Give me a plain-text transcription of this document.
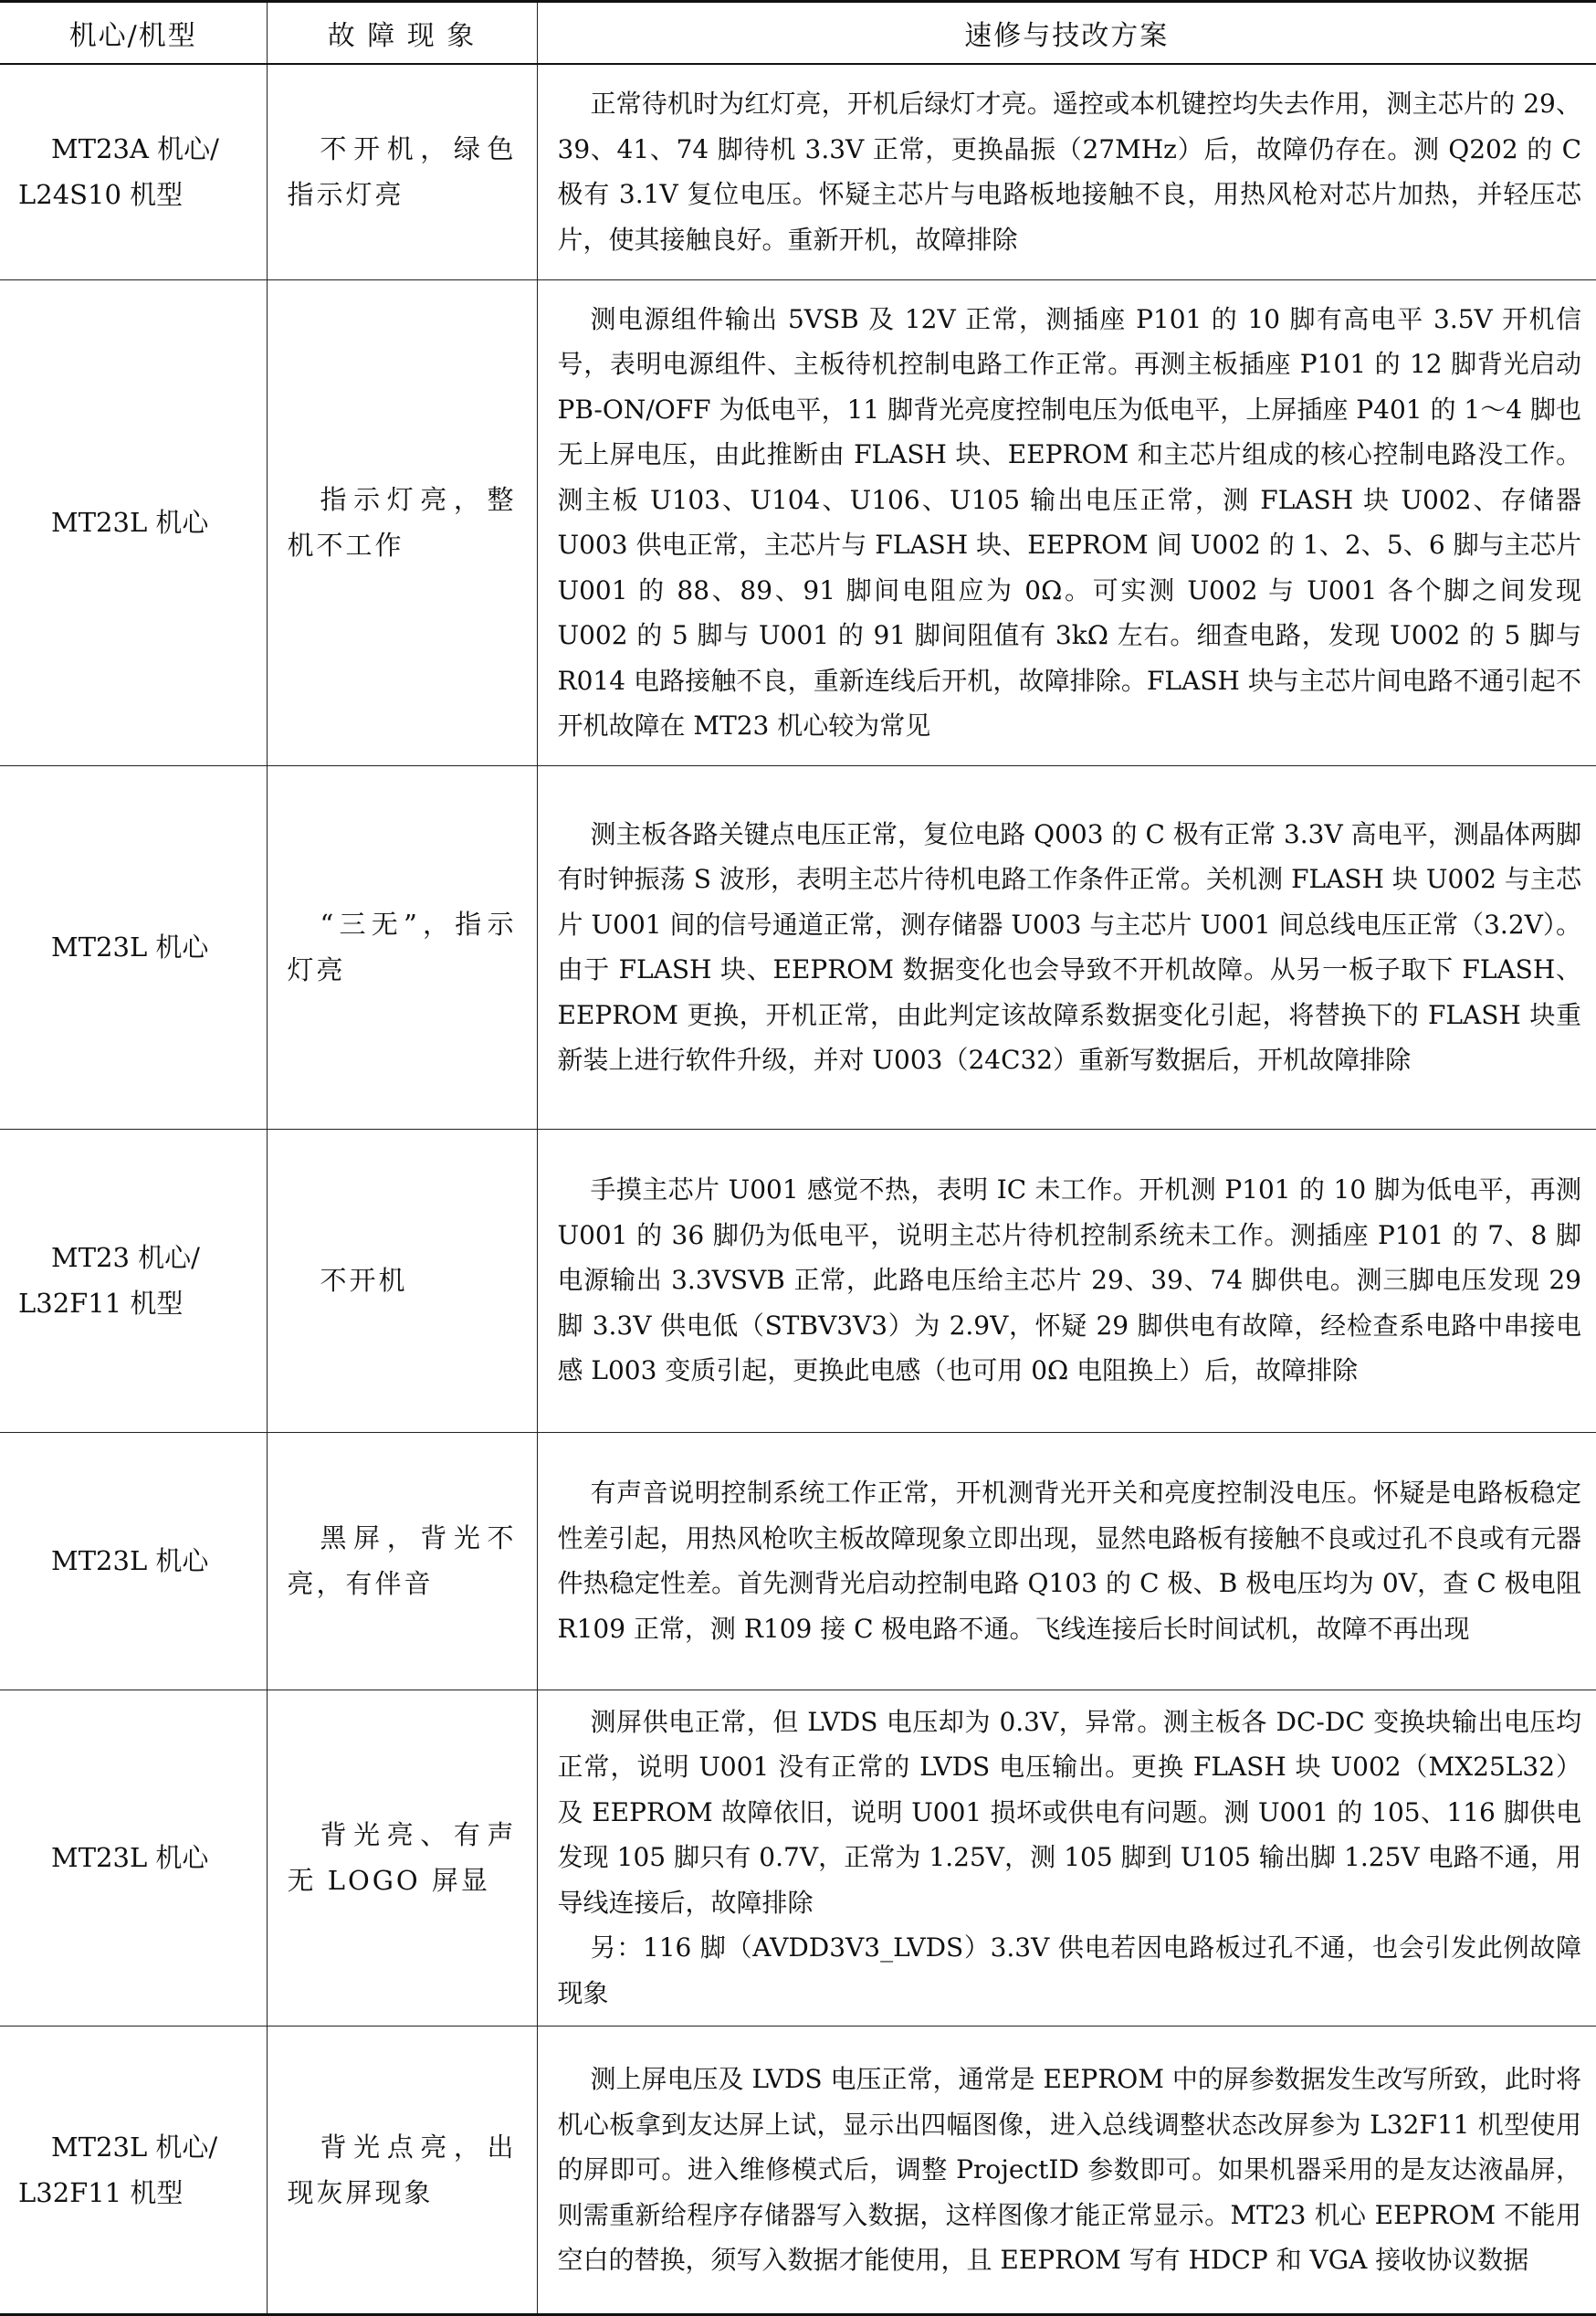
机心/机型	故 障 现 象	速修与技改方案

MT23A 机心/
L24S10 机型	不开机，绿色指示灯亮	正常待机时为红灯亮，开机后绿灯才亮。遥控或本机键控均失去作用，测主芯片的 29、39、41、74 脚待机 3.3V 正常，更换晶振（27MHz）后，故障仍存在。测 Q202 的 C 极有 3.1V 复位电压。怀疑主芯片与电路板地接触不良，用热风枪对芯片加热，并轻压芯片，使其接触良好。重新开机，故障排除

MT23L 机心	指示灯亮，整机不工作	测电源组件输出 5VSB 及 12V 正常，测插座 P101 的 10 脚有高电平 3.5V 开机信号，表明电源组件、主板待机控制电路工作正常。再测主板插座 P101 的 12 脚背光启动 PB-ON/OFF 为低电平，11 脚背光亮度控制电压为低电平，上屏插座 P401 的 1～4 脚也无上屏电压，由此推断由 FLASH 块、EEPROM 和主芯片组成的核心控制电路没工作。测主板 U103、U104、U106、U105 输出电压正常，测 FLASH 块 U002、存储器 U003 供电正常，主芯片与 FLASH 块、EEPROM 间 U002 的 1、2、5、6 脚与主芯片 U001 的 88、89、91 脚间电阻应为 0Ω。可实测 U002 与 U001 各个脚之间发现 U002 的 5 脚与 U001 的 91 脚间阻值有 3kΩ 左右。细查电路，发现 U002 的 5 脚与 R014 电路接触不良，重新连线后开机，故障排除。FLASH 块与主芯片间电路不通引起不开机故障在 MT23 机心较为常见

MT23L 机心	“三无”，指示灯亮	测主板各路关键点电压正常，复位电路 Q003 的 C 极有正常 3.3V 高电平，测晶体两脚有时钟振荡 S 波形，表明主芯片待机电路工作条件正常。关机测 FLASH 块 U002 与主芯片 U001 间的信号通道正常，测存储器 U003 与主芯片 U001 间总线电压正常（3.2V）。由于 FLASH 块、EEPROM 数据变化也会导致不开机故障。从另一板子取下 FLASH、EEPROM 更换，开机正常，由此判定该故障系数据变化引起，将替换下的 FLASH 块重新装上进行软件升级，并对 U003（24C32）重新写数据后，开机故障排除

MT23 机心/
L32F11 机型	不开机	手摸主芯片 U001 感觉不热，表明 IC 未工作。开机测 P101 的 10 脚为低电平，再测 U001 的 36 脚仍为低电平，说明主芯片待机控制系统未工作。测插座 P101 的 7、8 脚电源输出 3.3VSVB 正常，此路电压给主芯片 29、39、74 脚供电。测三脚电压发现 29 脚 3.3V 供电低（STBV3V3）为 2.9V，怀疑 29 脚供电有故障，经检查系电路中串接电感 L003 变质引起，更换此电感（也可用 0Ω 电阻换上）后，故障排除

MT23L 机心	黑屏，背光不亮，有伴音	有声音说明控制系统工作正常，开机测背光开关和亮度控制没电压。怀疑是电路板稳定性差引起，用热风枪吹主板故障现象立即出现，显然电路板有接触不良或过孔不良或有元器件热稳定性差。首先测背光启动控制电路 Q103 的 C 极、B 极电压均为 0V，查 C 极电阻 R109 正常，测 R109 接 C 极电路不通。飞线连接后长时间试机，故障不再出现

MT23L 机心	背光亮、有声无 LOGO 屏显	测屏供电正常，但 LVDS 电压却为 0.3V，异常。测主板各 DC-DC 变换块输出电压均正常，说明 U001 没有正常的 LVDS 电压输出。更换 FLASH 块 U002（MX25L32）及 EEPROM 故障依旧，说明 U001 损坏或供电有问题。测 U001 的 105、116 脚供电发现 105 脚只有 0.7V，正常为 1.25V，测 105 脚到 U105 输出脚 1.25V 电路不通，用导线连接后，故障排除
另：116 脚（AVDD3V3_LVDS）3.3V 供电若因电路板过孔不通，也会引发此例故障现象

MT23L 机心/
L32F11 机型	背光点亮，出现灰屏现象	测上屏电压及 LVDS 电压正常，通常是 EEPROM 中的屏参数据发生改写所致，此时将机心板拿到友达屏上试，显示出四幅图像，进入总线调整状态改屏参为 L32F11 机型使用的屏即可。进入维修模式后，调整 ProjectID 参数即可。如果机器采用的是友达液晶屏，则需重新给程序存储器写入数据，这样图像才能正常显示。MT23 机心 EEPROM 不能用空白的替换，须写入数据才能使用，且 EEPROM 写有 HDCP 和 VGA 接收协议数据
